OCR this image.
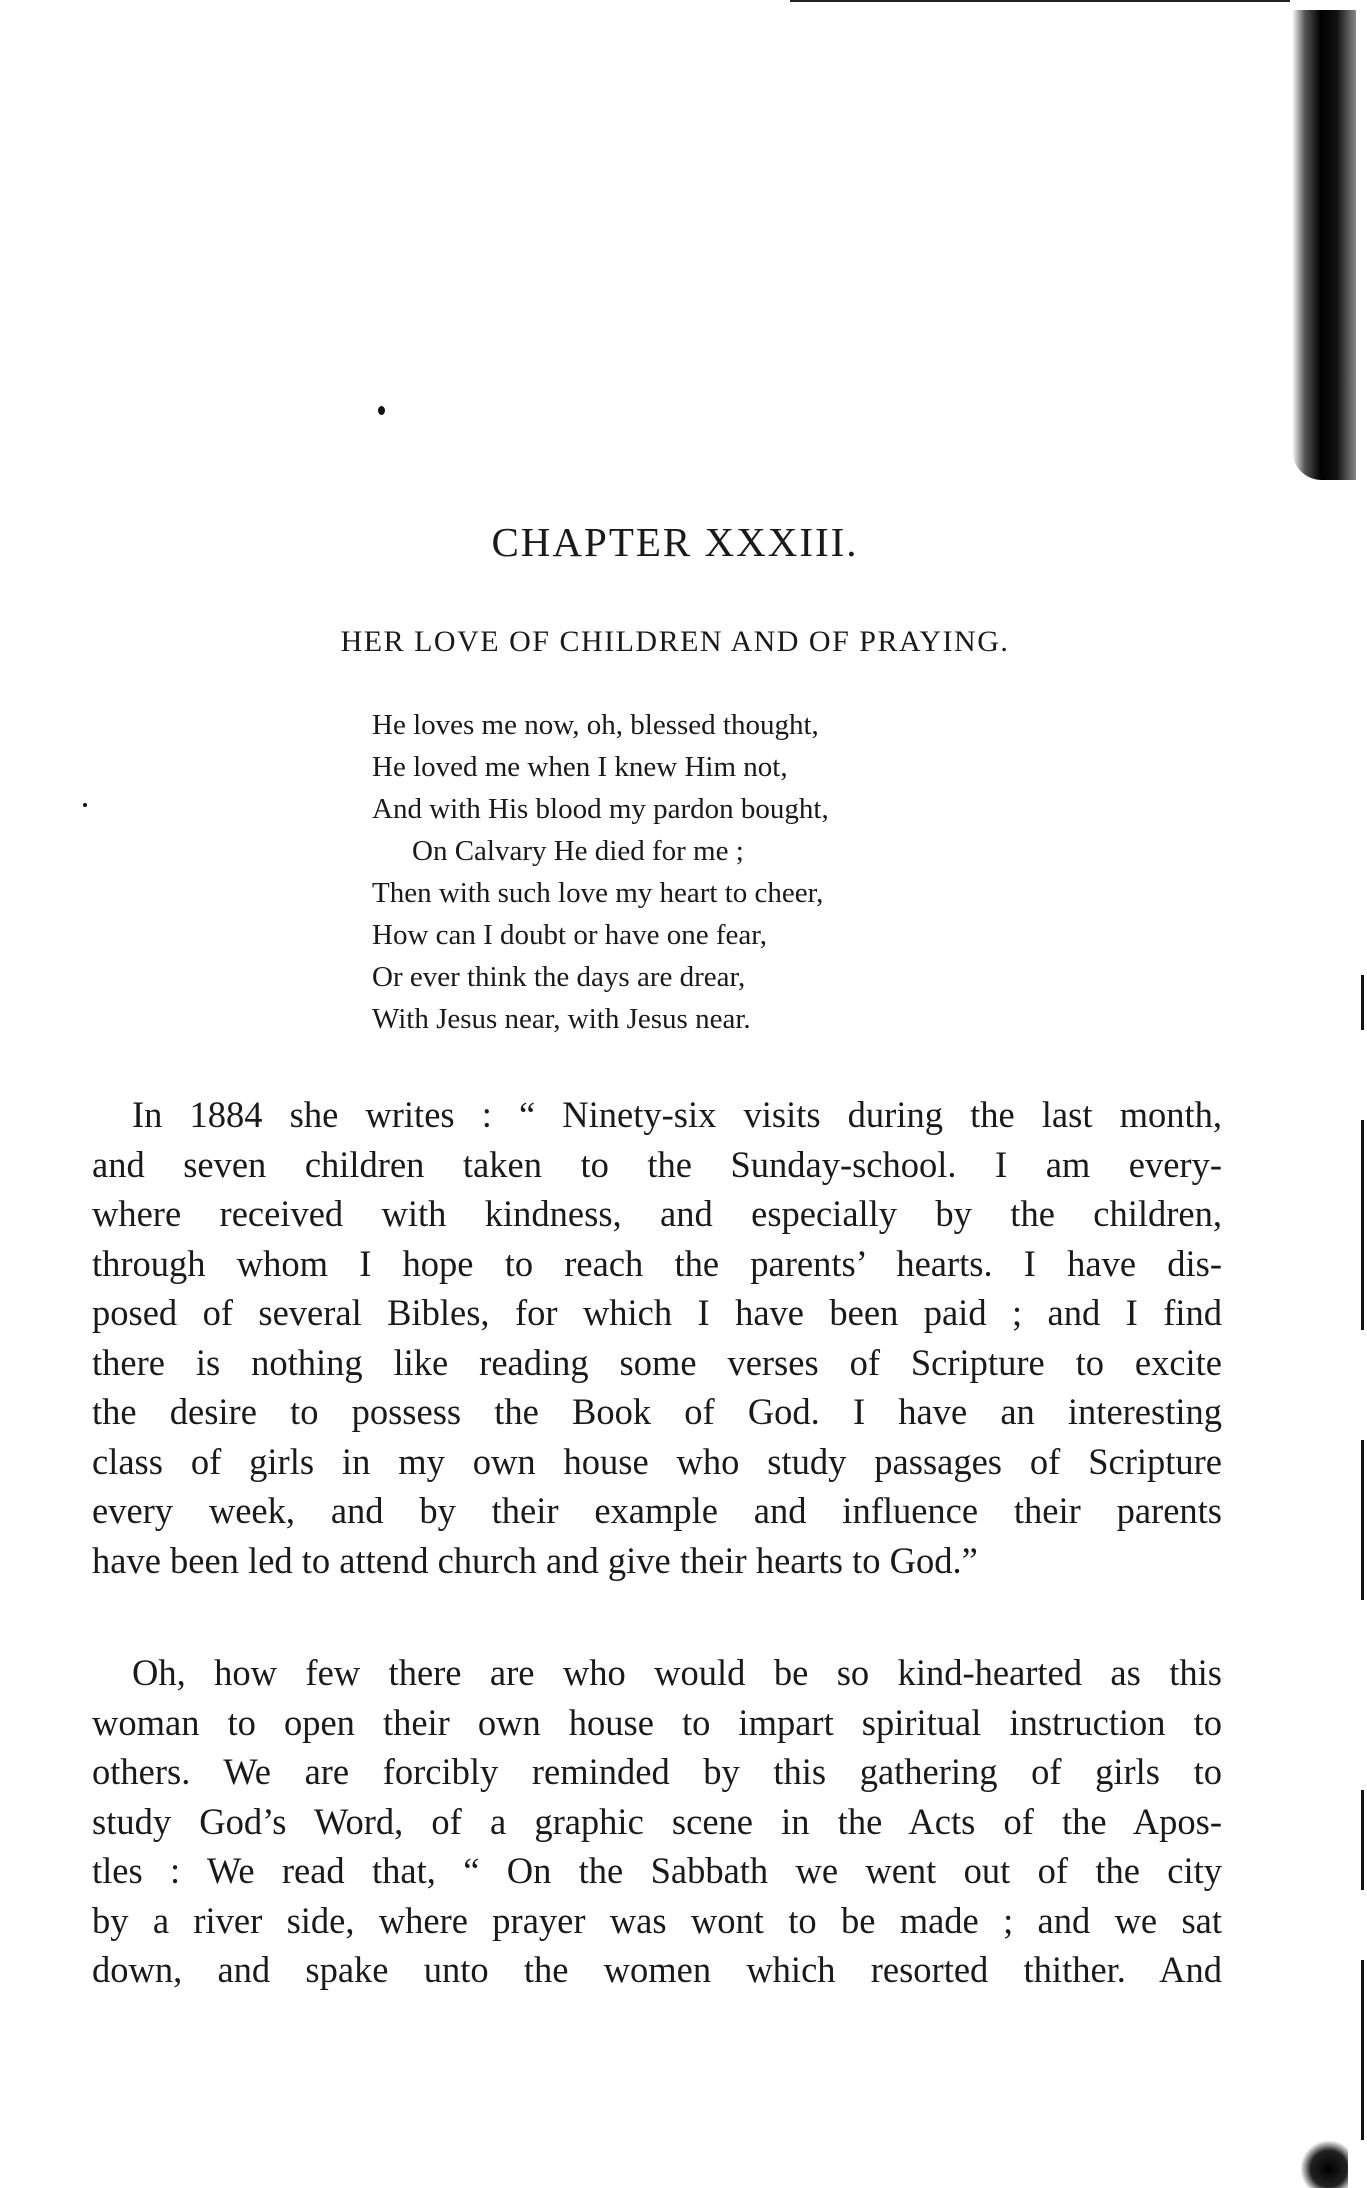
CHAPTER XXXIII.
HER LOVE OF CHILDREN AND OF PRAYING.
He loves me now, oh, blessed thought,
He loved me when I knew Him not,
And with His blood my pardon bought,
On Calvary He died for me ;
Then with such love my heart to cheer,
How can I doubt or have one fear,
Or ever think the days are drear,
With Jesus near, with Jesus near.
In 1884 she writes : “ Ninety-six visits during the last month,
and seven children taken to the Sunday-school. I am every-
where received with kindness, and especially by the children,
through whom I hope to reach the parents’ hearts. I have dis-
posed of several Bibles, for which I have been paid ; and I find
there is nothing like reading some verses of Scripture to excite
the desire to possess the Book of God. I have an interesting
class of girls in my own house who study passages of Scripture
every week, and by their example and influence their parents
have been led to attend church and give their hearts to God.”
Oh, how few there are who would be so kind-hearted as this
woman to open their own house to impart spiritual instruction to
others. We are forcibly reminded by this gathering of girls to
study God’s Word, of a graphic scene in the Acts of the Apos-
tles : We read that, “ On the Sabbath we went out of the city
by a river side, where prayer was wont to be made ; and we sat
down, and spake unto the women which resorted thither. And
